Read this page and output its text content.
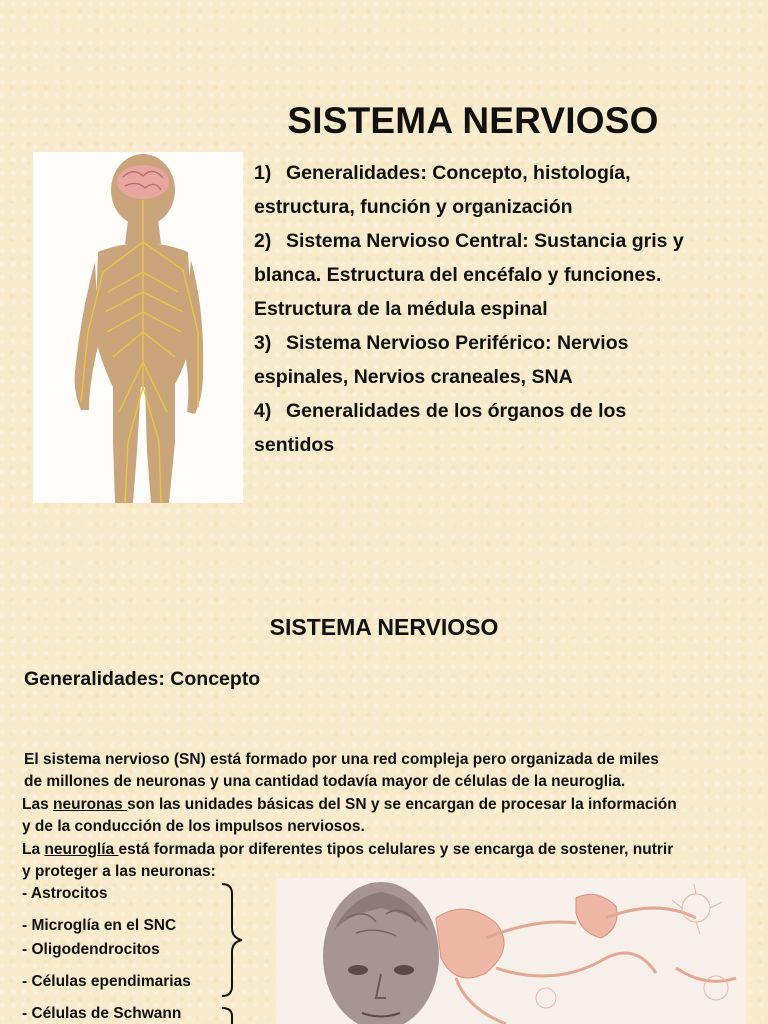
SISTEMA NERVIOSO
1) Generalidades: Concepto, histología,
estructura, función y organización
2) Sistema Nervioso Central: Sustancia gris y
blanca. Estructura del encéfalo y funciones.
Estructura de la médula espinal
3) Sistema Nervioso Periférico: Nervios
espinales, Nervios craneales, SNA
4) Generalidades de los órganos de los
sentidos
SISTEMA NERVIOSO
Generalidades: Concepto
El sistema nervioso (SN) está formado por una red compleja pero organizada de miles
de millones de neuronas y una cantidad todavía mayor de células de la neuroglia.
Las neuronas son las unidades básicas del SN y se encargan de procesar la información
y de la conducción de los impulsos nerviosos.
La neuroglía está formada por diferentes tipos celulares y se encarga de sostener, nutrir
y proteger a las neuronas:
- Astrocitos
- Microglía en el SNC
- Oligodendrocitos
- Células ependimarias
- Células de Schwann
